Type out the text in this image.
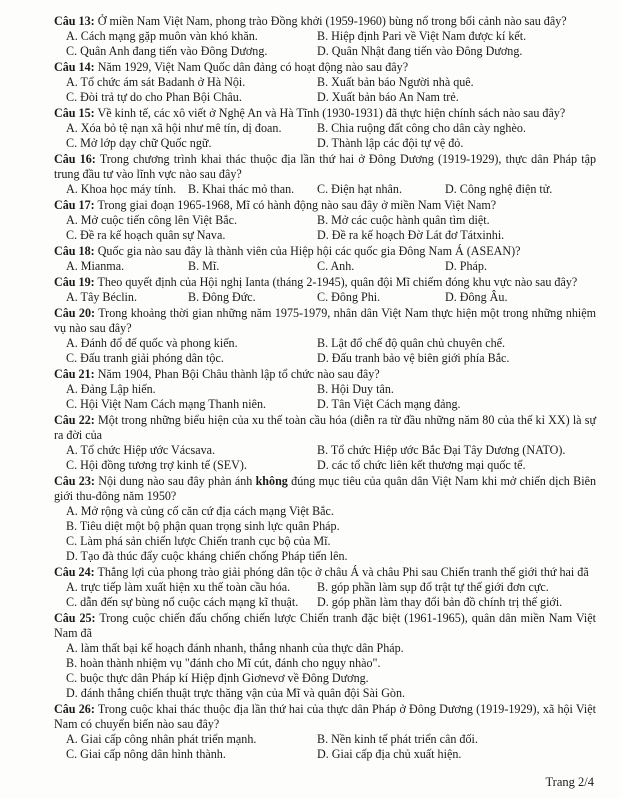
Câu 13: Ở miền Nam Việt Nam, phong trào Đồng khởi (1959-1960) bùng nổ trong bối cảnh nào sau đây?
A. Cách mạng gặp muôn vàn khó khăn.	B. Hiệp định Pari về Việt Nam được kí kết.
C. Quân Anh đang tiến vào Đông Dương.	D. Quân Nhật đang tiến vào Đông Dương.
Câu 14: Năm 1929, Việt Nam Quốc dân đảng có hoạt động nào sau đây?
A. Tổ chức ám sát Badanh ở Hà Nội.	B. Xuất bản báo Người nhà quê.
C. Đòi trả tự do cho Phan Bội Châu.	D. Xuất bản báo An Nam trẻ.
Câu 15: Về kinh tế, các xô viết ở Nghệ An và Hà Tĩnh (1930-1931) đã thực hiện chính sách nào sau đây?
A. Xóa bỏ tệ nạn xã hội như mê tín, dị đoan.	B. Chia ruộng đất công cho dân cày nghèo.
C. Mở lớp dạy chữ Quốc ngữ.	D. Thành lập các đội tự vệ đỏ.
Câu 16: Trong chương trình khai thác thuộc địa lần thứ hai ở Đông Dương (1919-1929), thực dân Pháp tập trung đầu tư vào lĩnh vực nào sau đây?
A. Khoa học máy tính. B. Khai thác mỏ than.	C. Điện hạt nhân.	D. Công nghệ điện tử.
Câu 17: Trong giai đoạn 1965-1968, Mĩ có hành động nào sau đây ở miền Nam Việt Nam?
A. Mở cuộc tiến công lên Việt Bắc.	B. Mở các cuộc hành quân tìm diệt.
C. Đề ra kế hoạch quân sự Nava.	D. Đề ra kế hoạch Đờ Lát đơ Tátxinhi.
Câu 18: Quốc gia nào sau đây là thành viên của Hiệp hội các quốc gia Đông Nam Á (ASEAN)?
A. Mianma.	B. Mĩ.	C. Anh.	D. Pháp.
Câu 19: Theo quyết định của Hội nghị Ianta (tháng 2-1945), quân đội Mĩ chiếm đóng khu vực nào sau đây?
A. Tây Béclin.	B. Đông Đức.	C. Đông Phi.	D. Đông Âu.
Câu 20: Trong khoảng thời gian những năm 1975-1979, nhân dân Việt Nam thực hiện một trong những nhiệm vụ nào sau đây?
A. Đánh đổ đế quốc và phong kiến.	B. Lật đổ chế độ quân chủ chuyên chế.
C. Đấu tranh giải phóng dân tộc.	D. Đấu tranh bảo vệ biên giới phía Bắc.
Câu 21: Năm 1904, Phan Bội Châu thành lập tổ chức nào sau đây?
A. Đảng Lập hiến.	B. Hội Duy tân.
C. Hội Việt Nam Cách mạng Thanh niên.	D. Tân Việt Cách mạng đảng.
Câu 22: Một trong những biểu hiện của xu thế toàn cầu hóa (diễn ra từ đầu những năm 80 của thế kỉ XX) là sự ra đời của
A. Tổ chức Hiệp ước Vácsava.	B. Tổ chức Hiệp ước Bắc Đại Tây Dương (NATO).
C. Hội đồng tương trợ kinh tế (SEV).	D. các tổ chức liên kết thương mại quốc tế.
Câu 23: Nội dung nào sau đây phản ánh không đúng mục tiêu của quân dân Việt Nam khi mở chiến dịch Biên giới thu-đông năm 1950?
A. Mở rộng và củng cố căn cứ địa cách mạng Việt Bắc.
B. Tiêu diệt một bộ phận quan trọng sinh lực quân Pháp.
C. Làm phá sản chiến lược Chiến tranh cục bộ của Mĩ.
D. Tạo đà thúc đẩy cuộc kháng chiến chống Pháp tiến lên.
Câu 24: Thắng lợi của phong trào giải phóng dân tộc ở châu Á và châu Phi sau Chiến tranh thế giới thứ hai đã
A. trực tiếp làm xuất hiện xu thế toàn cầu hóa.	B. góp phần làm sụp đổ trật tự thế giới đơn cực.
C. dẫn đến sự bùng nổ cuộc cách mạng kĩ thuật.	D. góp phần làm thay đổi bản đồ chính trị thế giới.
Câu 25: Trong cuộc chiến đấu chống chiến lược Chiến tranh đặc biệt (1961-1965), quân dân miền Nam Việt Nam đã
A. làm thất bại kế hoạch đánh nhanh, thắng nhanh của thực dân Pháp.
B. hoàn thành nhiệm vụ "đánh cho Mĩ cút, đánh cho ngụy nhào".
C. buộc thực dân Pháp kí Hiệp định Giơnevơ về Đông Dương.
D. đánh thắng chiến thuật trực thăng vận của Mĩ và quân đội Sài Gòn.
Câu 26: Trong cuộc khai thác thuộc địa lần thứ hai của thực dân Pháp ở Đông Dương (1919-1929), xã hội Việt Nam có chuyển biến nào sau đây?
A. Giai cấp công nhân phát triển mạnh.	B. Nền kinh tế phát triển cân đối.
C. Giai cấp nông dân hình thành.	D. Giai cấp địa chủ xuất hiện.
Trang 2/4
